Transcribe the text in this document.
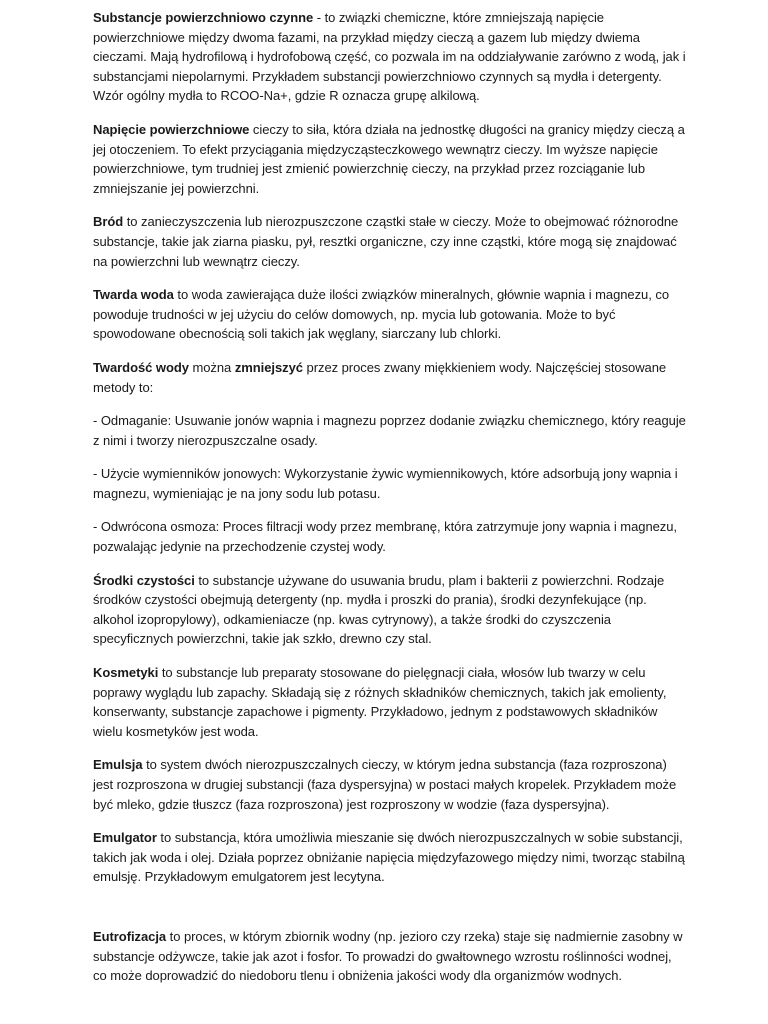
Substancje powierzchniowo czynne - to związki chemiczne, które zmniejszają napięcie powierzchniowe między dwoma fazami, na przykład między cieczą a gazem lub między dwiema cieczami. Mają hydrofilową i hydrofobową część, co pozwala im na oddziaływanie zarówno z wodą, jak i substancjami niepolarnymi. Przykładem substancji powierzchniowo czynnych są mydła i detergenty. Wzór ogólny mydła to RCOO-Na+, gdzie R oznacza grupę alkilową.

Napięcie powierzchniowe cieczy to siła, która działa na jednostkę długości na granicy między cieczą a jej otoczeniem. To efekt przyciągania międzycząsteczkowego wewnątrz cieczy. Im wyższe napięcie powierzchniowe, tym trudniej jest zmienić powierzchnię cieczy, na przykład przez rozciąganie lub zmniejszanie jej powierzchni.

Bród to zanieczyszczenia lub nierozpuszczone cząstki stałe w cieczy. Może to obejmować różnorodne substancje, takie jak ziarna piasku, pył, resztki organiczne, czy inne cząstki, które mogą się znajdować na powierzchni lub wewnątrz cieczy.

Twarda woda to woda zawierająca duże ilości związków mineralnych, głównie wapnia i magnezu, co powoduje trudności w jej użyciu do celów domowych, np. mycia lub gotowania. Może to być spowodowane obecnością soli takich jak węglany, siarczany lub chlorki.

Twardość wody można zmniejszyć przez proces zwany miękkieniem wody. Najczęściej stosowane metody to:

- Odmaganie: Usuwanie jonów wapnia i magnezu poprzez dodanie związku chemicznego, który reaguje z nimi i tworzy nierozpuszczalne osady.

- Użycie wymienników jonowych: Wykorzystanie żywic wymiennikowych, które adsorbują jony wapnia i magnezu, wymieniając je na jony sodu lub potasu.

- Odwrócona osmoza: Proces filtracji wody przez membranę, która zatrzymuje jony wapnia i magnezu, pozwalając jedynie na przechodzenie czystej wody.

Środki czystości to substancje używane do usuwania brudu, plam i bakterii z powierzchni. Rodzaje środków czystości obejmują detergenty (np. mydła i proszki do prania), środki dezynfekujące (np. alkohol izopropylowy), odkamieniacze (np. kwas cytrynowy), a także środki do czyszczenia specyficznych powierzchni, takie jak szkło, drewno czy stal.

Kosmetyki to substancje lub preparaty stosowane do pielęgnacji ciała, włosów lub twarzy w celu poprawy wyglądu lub zapachy. Składają się z różnych składników chemicznych, takich jak emolienty, konserwanty, substancje zapachowe i pigmenty. Przykładowo, jednym z podstawowych składników wielu kosmetyków jest woda.

Emulsja to system dwóch nierozpuszczalnych cieczy, w którym jedna substancja (faza rozproszona) jest rozproszona w drugiej substancji (faza dyspersyjna) w postaci małych kropelek. Przykładem może być mleko, gdzie tłuszcz (faza rozproszona) jest rozproszony w wodzie (faza dyspersyjna).

Emulgator to substancja, która umożliwia mieszanie się dwóch nierozpuszczalnych w sobie substancji, takich jak woda i olej. Działa poprzez obniżanie napięcia międzyfazowego między nimi, tworząc stabilną emulsję. Przykładowym emulgatorem jest lecytyna.

Eutrofizacja to proces, w którym zbiornik wodny (np. jezioro czy rzeka) staje się nadmiernie zasobny w substancje odżywcze, takie jak azot i fosfor. To prowadzi do gwałtownego wzrostu roślinności wodnej, co może doprowadzić do niedoboru tlenu i obniżenia jakości wody dla organizmów wodnych.
